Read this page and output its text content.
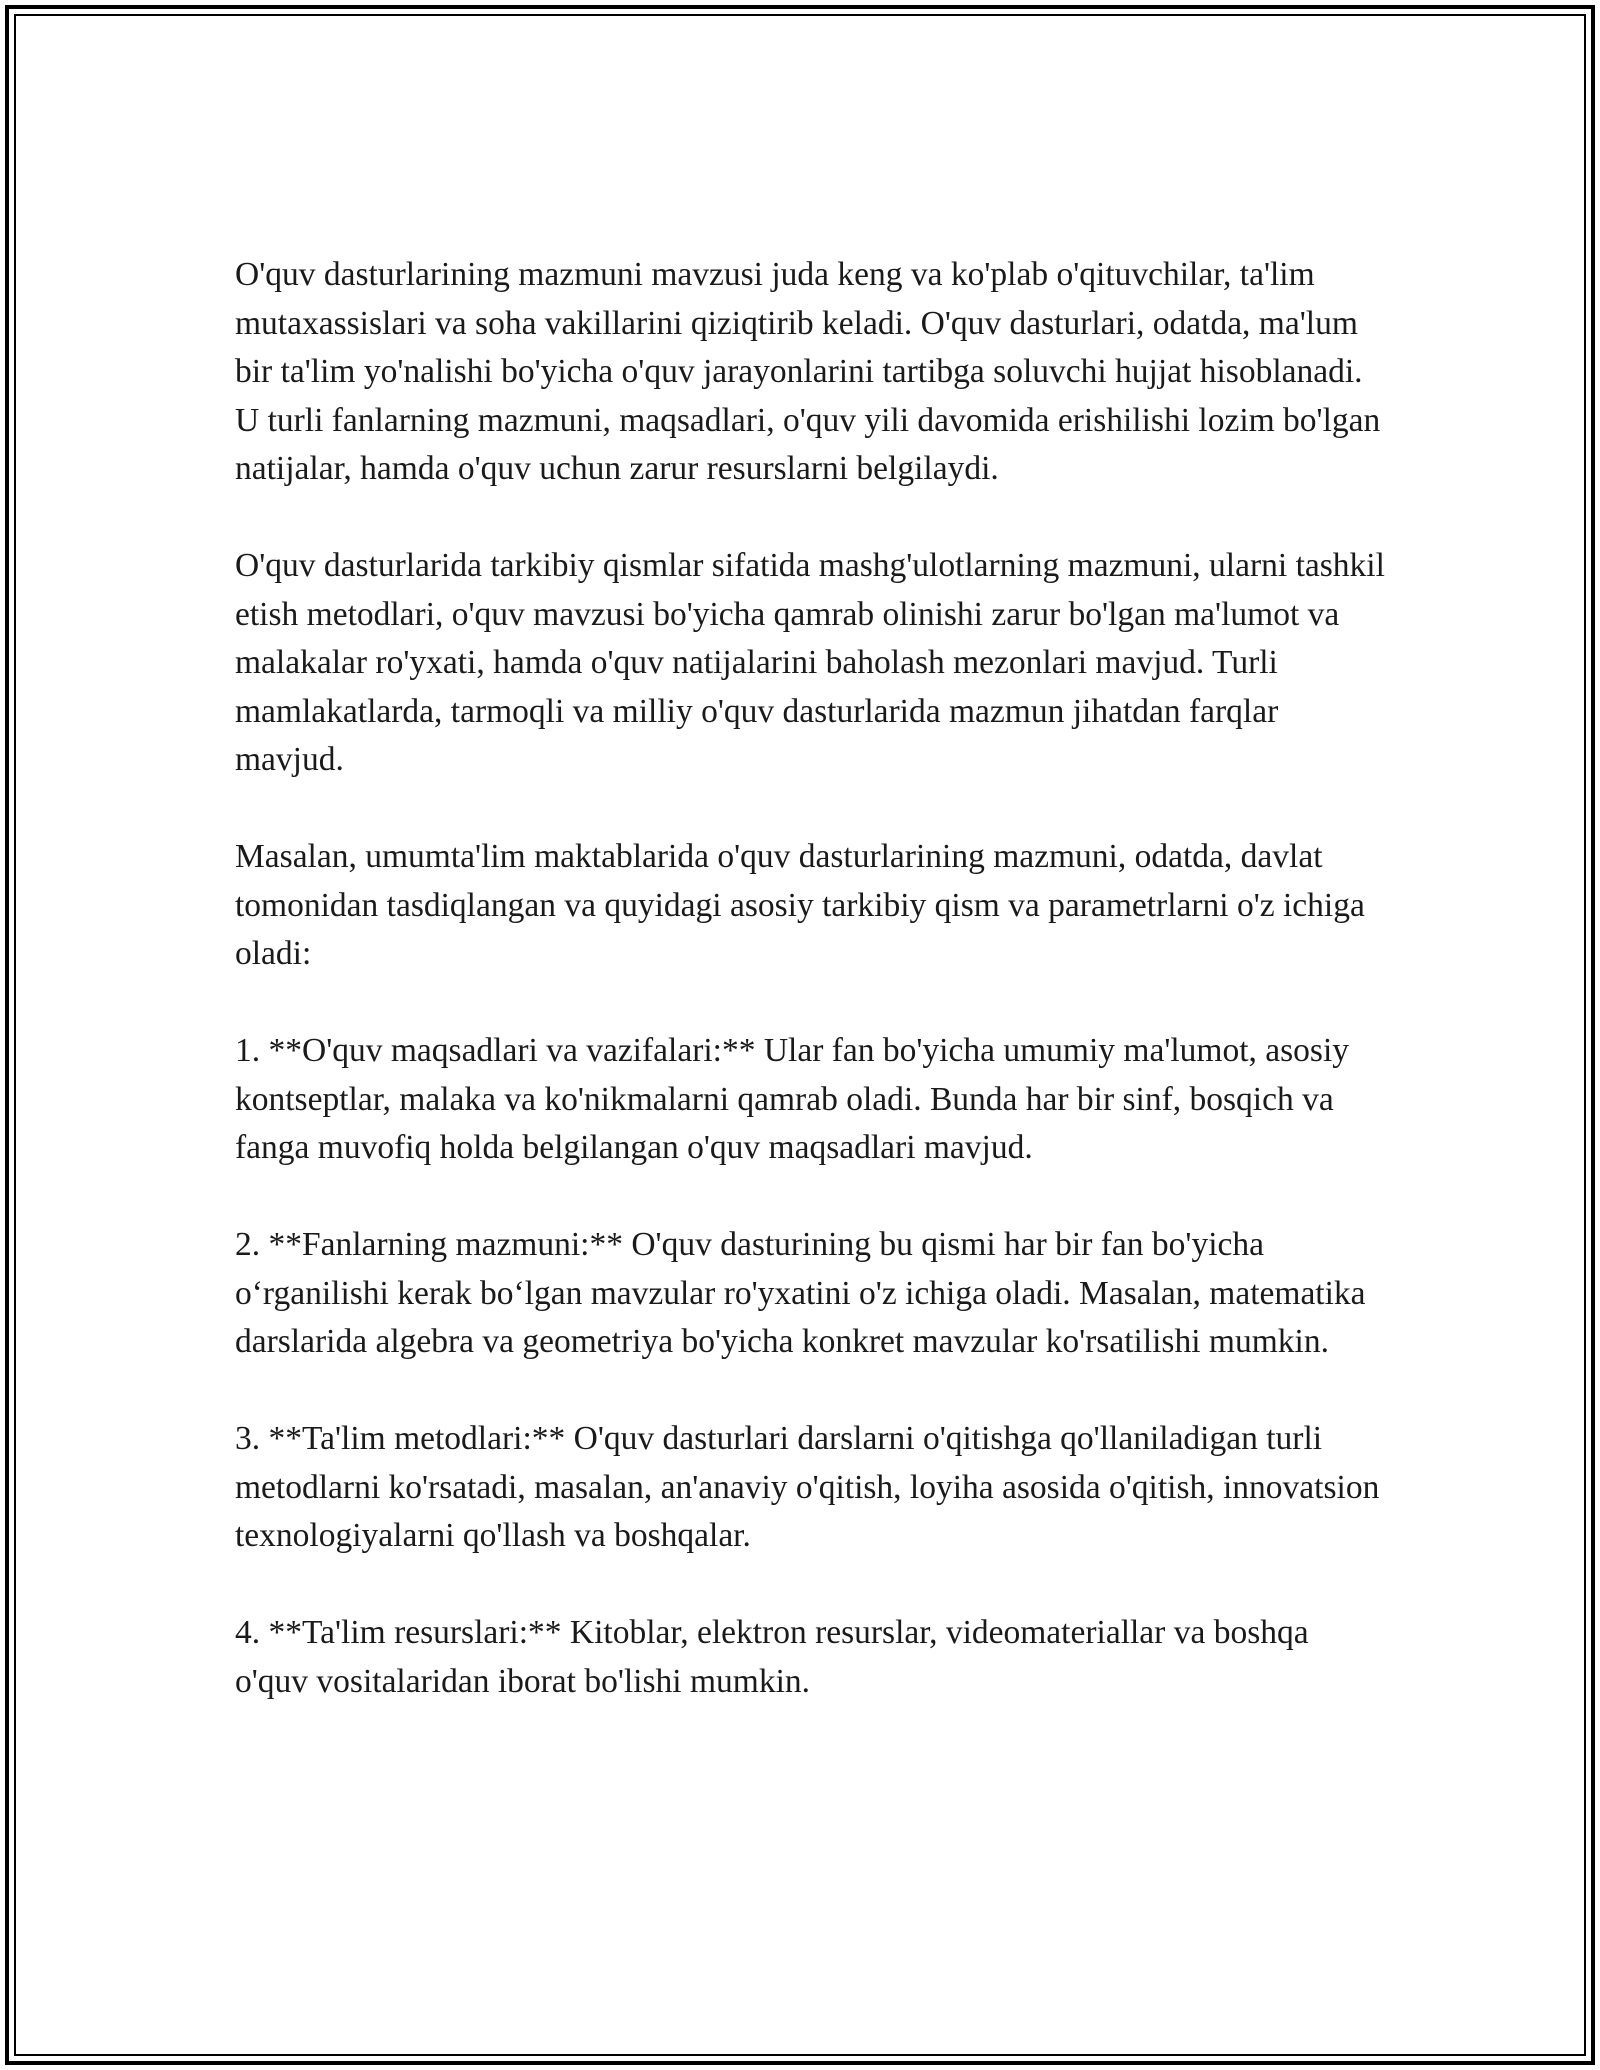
O'quv dasturlarining mazmuni mavzusi juda keng va ko'plab o'qituvchilar, ta'lim mutaxassislari va soha vakillarini qiziqtirib keladi. O'quv dasturlari, odatda, ma'lum bir ta'lim yo'nalishi bo'yicha o'quv jarayonlarini tartibga soluvchi hujjat hisoblanadi. U turli fanlarning mazmuni, maqsadlari, o'quv yili davomida erishilishi lozim bo'lgan natijalar, hamda o'quv uchun zarur resurslarni belgilaydi.

O'quv dasturlarida tarkibiy qismlar sifatida mashg'ulotlarning mazmuni, ularni tashkil etish metodlari, o'quv mavzusi bo'yicha qamrab olinishi zarur bo'lgan ma'lumot va malakalar ro'yxati, hamda o'quv natijalarini baholash mezonlari mavjud. Turli mamlakatlarda, tarmoqli va milliy o'quv dasturlarida mazmun jihatdan farqlar mavjud.

Masalan, umumta'lim maktablarida o'quv dasturlarining mazmuni, odatda, davlat tomonidan tasdiqlangan va quyidagi asosiy tarkibiy qism va parametrlarni o'z ichiga oladi:

1. **O'quv maqsadlari va vazifalari:** Ular fan bo'yicha umumiy ma'lumot, asosiy kontseptlar, malaka va ko'nikmalarni qamrab oladi. Bunda har bir sinf, bosqich va fanga muvofiq holda belgilangan o'quv maqsadlari mavjud.

2. **Fanlarning mazmuni:** O'quv dasturining bu qismi har bir fan bo'yicha o‘rganilishi kerak bo‘lgan mavzular ro'yxatini o'z ichiga oladi. Masalan, matematika darslarida algebra va geometriya bo'yicha konkret mavzular ko'rsatilishi mumkin.

3. **Ta'lim metodlari:** O'quv dasturlari darslarni o'qitishga qo'llaniladigan turli metodlarni ko'rsatadi, masalan, an'anaviy o'qitish, loyiha asosida o'qitish, innovatsion texnologiyalarni qo'llash va boshqalar.

4. **Ta'lim resurslari:** Kitoblar, elektron resurslar, videomateriallar va boshqa o'quv vositalaridan iborat bo'lishi mumkin.
